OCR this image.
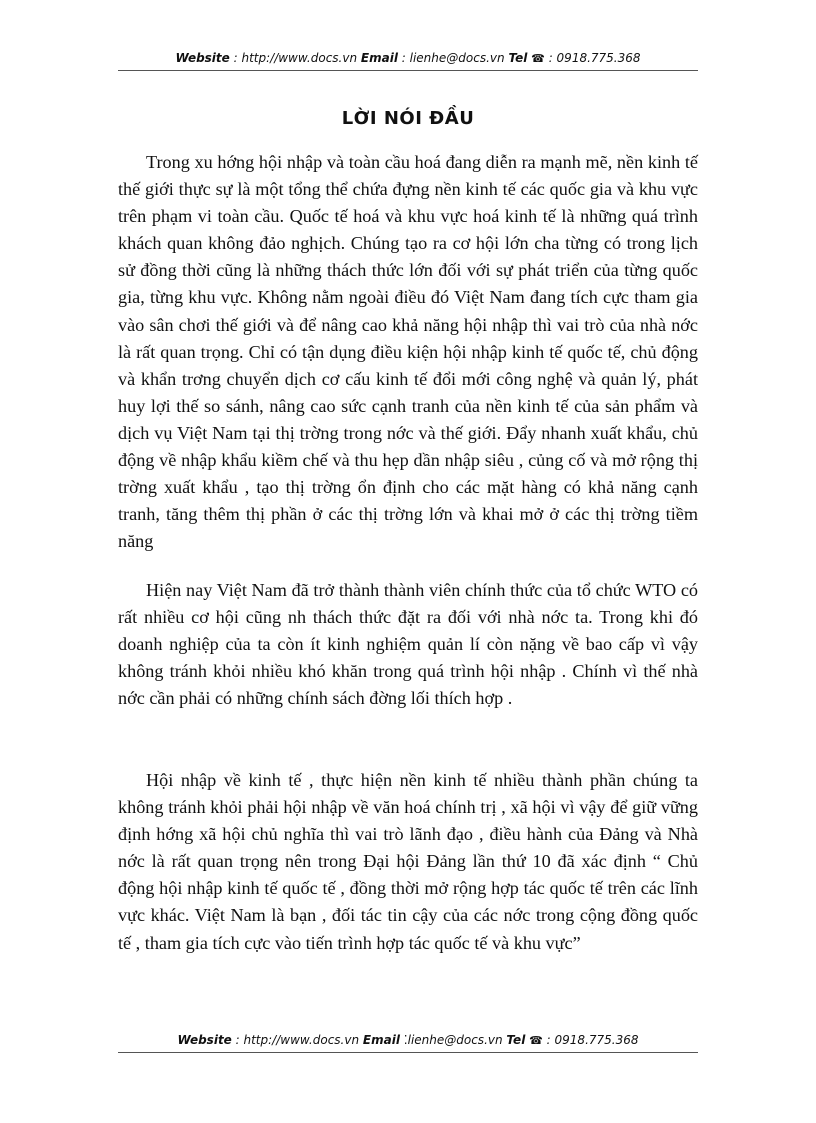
Website : http://www.docs.vn Email : lienhe@docs.vn Tel ☎ : 0918.775.368
LỜI NÓI ĐẦU

Trong xu hớng hội nhập và toàn cầu hoá đang diễn ra mạnh mẽ, nền kinh tế thế giới thực sự là một tổng thể chứa đựng nền kinh tế các quốc gia và khu vực trên phạm vi toàn cầu. Quốc tế hoá và khu vực hoá kinh tế là những quá trình khách quan không đảo nghịch. Chúng tạo ra cơ hội lớn cha từng có trong lịch sử đồng thời cũng là những thách thức lớn đối với sự phát triển của từng quốc gia, từng khu vực. Không nằm ngoài điều đó Việt Nam đang tích cực tham gia vào sân chơi thế giới và để nâng cao khả năng hội nhập thì vai trò của nhà nớc là rất quan trọng. Chỉ có tận dụng điều kiện hội nhập kinh tế quốc tế, chủ động và khẩn trơng chuyển dịch cơ cấu kinh tế đổi mới công nghệ và quản lý, phát huy lợi thế so sánh, nâng cao sức cạnh tranh của nền kinh tế của sản phẩm và dịch vụ Việt Nam tại thị trờng trong nớc và thế giới. Đẩy nhanh xuất khẩu, chủ động về nhập khẩu kiềm chế và thu hẹp dần nhập siêu , củng cố và mở rộng thị trờng xuất khẩu , tạo thị trờng ổn định cho các mặt hàng có khả năng cạnh tranh, tăng thêm thị phần ở các thị trờng lớn và khai mở ở các thị trờng tiềm năng

Hiện nay Việt Nam đã trở thành thành viên chính thức của tổ chức WTO có rất nhiều cơ hội cũng nh thách thức đặt ra đối với nhà nớc ta. Trong khi đó doanh nghiệp của ta còn ít kinh nghiệm quản lí còn nặng về bao cấp vì vậy không tránh khỏi nhiều khó khăn trong quá trình hội nhập . Chính vì thế nhà nớc cần phải có những chính sách đờng lối thích hợp .

Hội nhập về kinh tế , thực hiện nền kinh tế nhiều thành phần chúng ta không tránh khỏi phải hội nhập về văn hoá chính trị , xã hội vì vậy để giữ vững định hớng xã hội chủ nghĩa thì vai trò lãnh đạo , điều hành của Đảng và Nhà nớc là rất quan trọng nên trong Đại hội Đảng lần thứ 10 đã xác định “ Chủ động hội nhập kinh tế quốc tế , đồng thời mở rộng hợp tác quốc tế trên các lĩnh vực khác. Việt Nam là bạn , đối tác tin cậy của các nớc trong cộng đồng quốc tế , tham gia tích cực vào tiến trình hợp tác quốc tế và khu vực”

Website : http://www.docs.vn Email ⁚lienhe@docs.vn Tel ☎ : 0918.775.368
